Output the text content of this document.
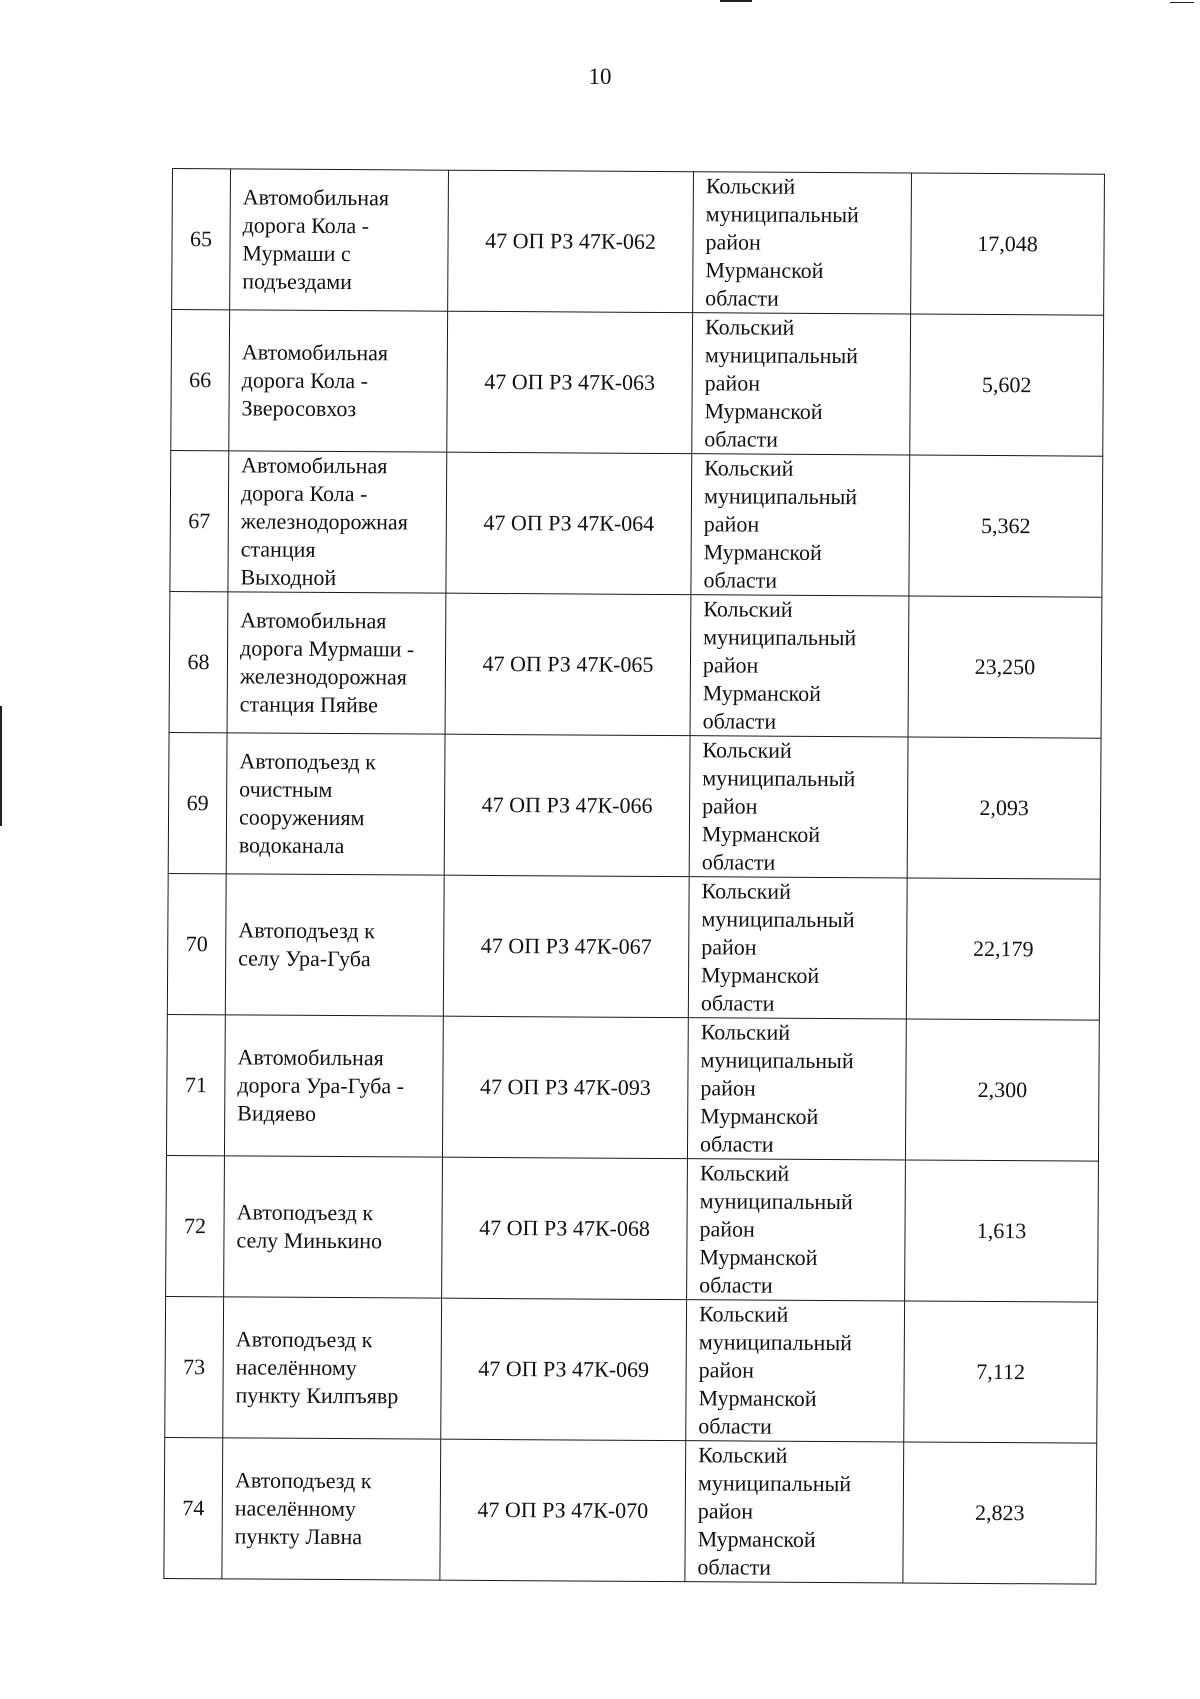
10
65	Автомобильная
дорога Кола -
Мурмаши с
подъездами	47 ОП РЗ 47К-062	Кольский
муниципальный
район
Мурманской
области	17,048
66	Автомобильная
дорога Кола -
Зверосовхоз	47 ОП РЗ 47К-063	Кольский
муниципальный
район
Мурманской
области	5,602
67	Автомобильная
дорога Кола -
железнодорожная
станция
Выходной	47 ОП РЗ 47К-064	Кольский
муниципальный
район
Мурманской
области	5,362
68	Автомобильная
дорога Мурмаши -
железнодорожная
станция Пяйве	47 ОП РЗ 47К-065	Кольский
муниципальный
район
Мурманской
области	23,250
69	Автоподъезд к
очистным
сооружениям
водоканала	47 ОП РЗ 47К-066	Кольский
муниципальный
район
Мурманской
области	2,093
70	Автоподъезд к
селу Ура-Губа	47 ОП РЗ 47К-067	Кольский
муниципальный
район
Мурманской
области	22,179
71	Автомобильная
дорога Ура-Губа -
Видяево	47 ОП РЗ 47К-093	Кольский
муниципальный
район
Мурманской
области	2,300
72	Автоподъезд к
селу Минькино	47 ОП РЗ 47К-068	Кольский
муниципальный
район
Мурманской
области	1,613
73	Автоподъезд к
населённому
пункту Килпъявр	47 ОП РЗ 47К-069	Кольский
муниципальный
район
Мурманской
области	7,112
74	Автоподъезд к
населённому
пункту Лавна	47 ОП РЗ 47К-070	Кольский
муниципальный
район
Мурманской
области	2,823
